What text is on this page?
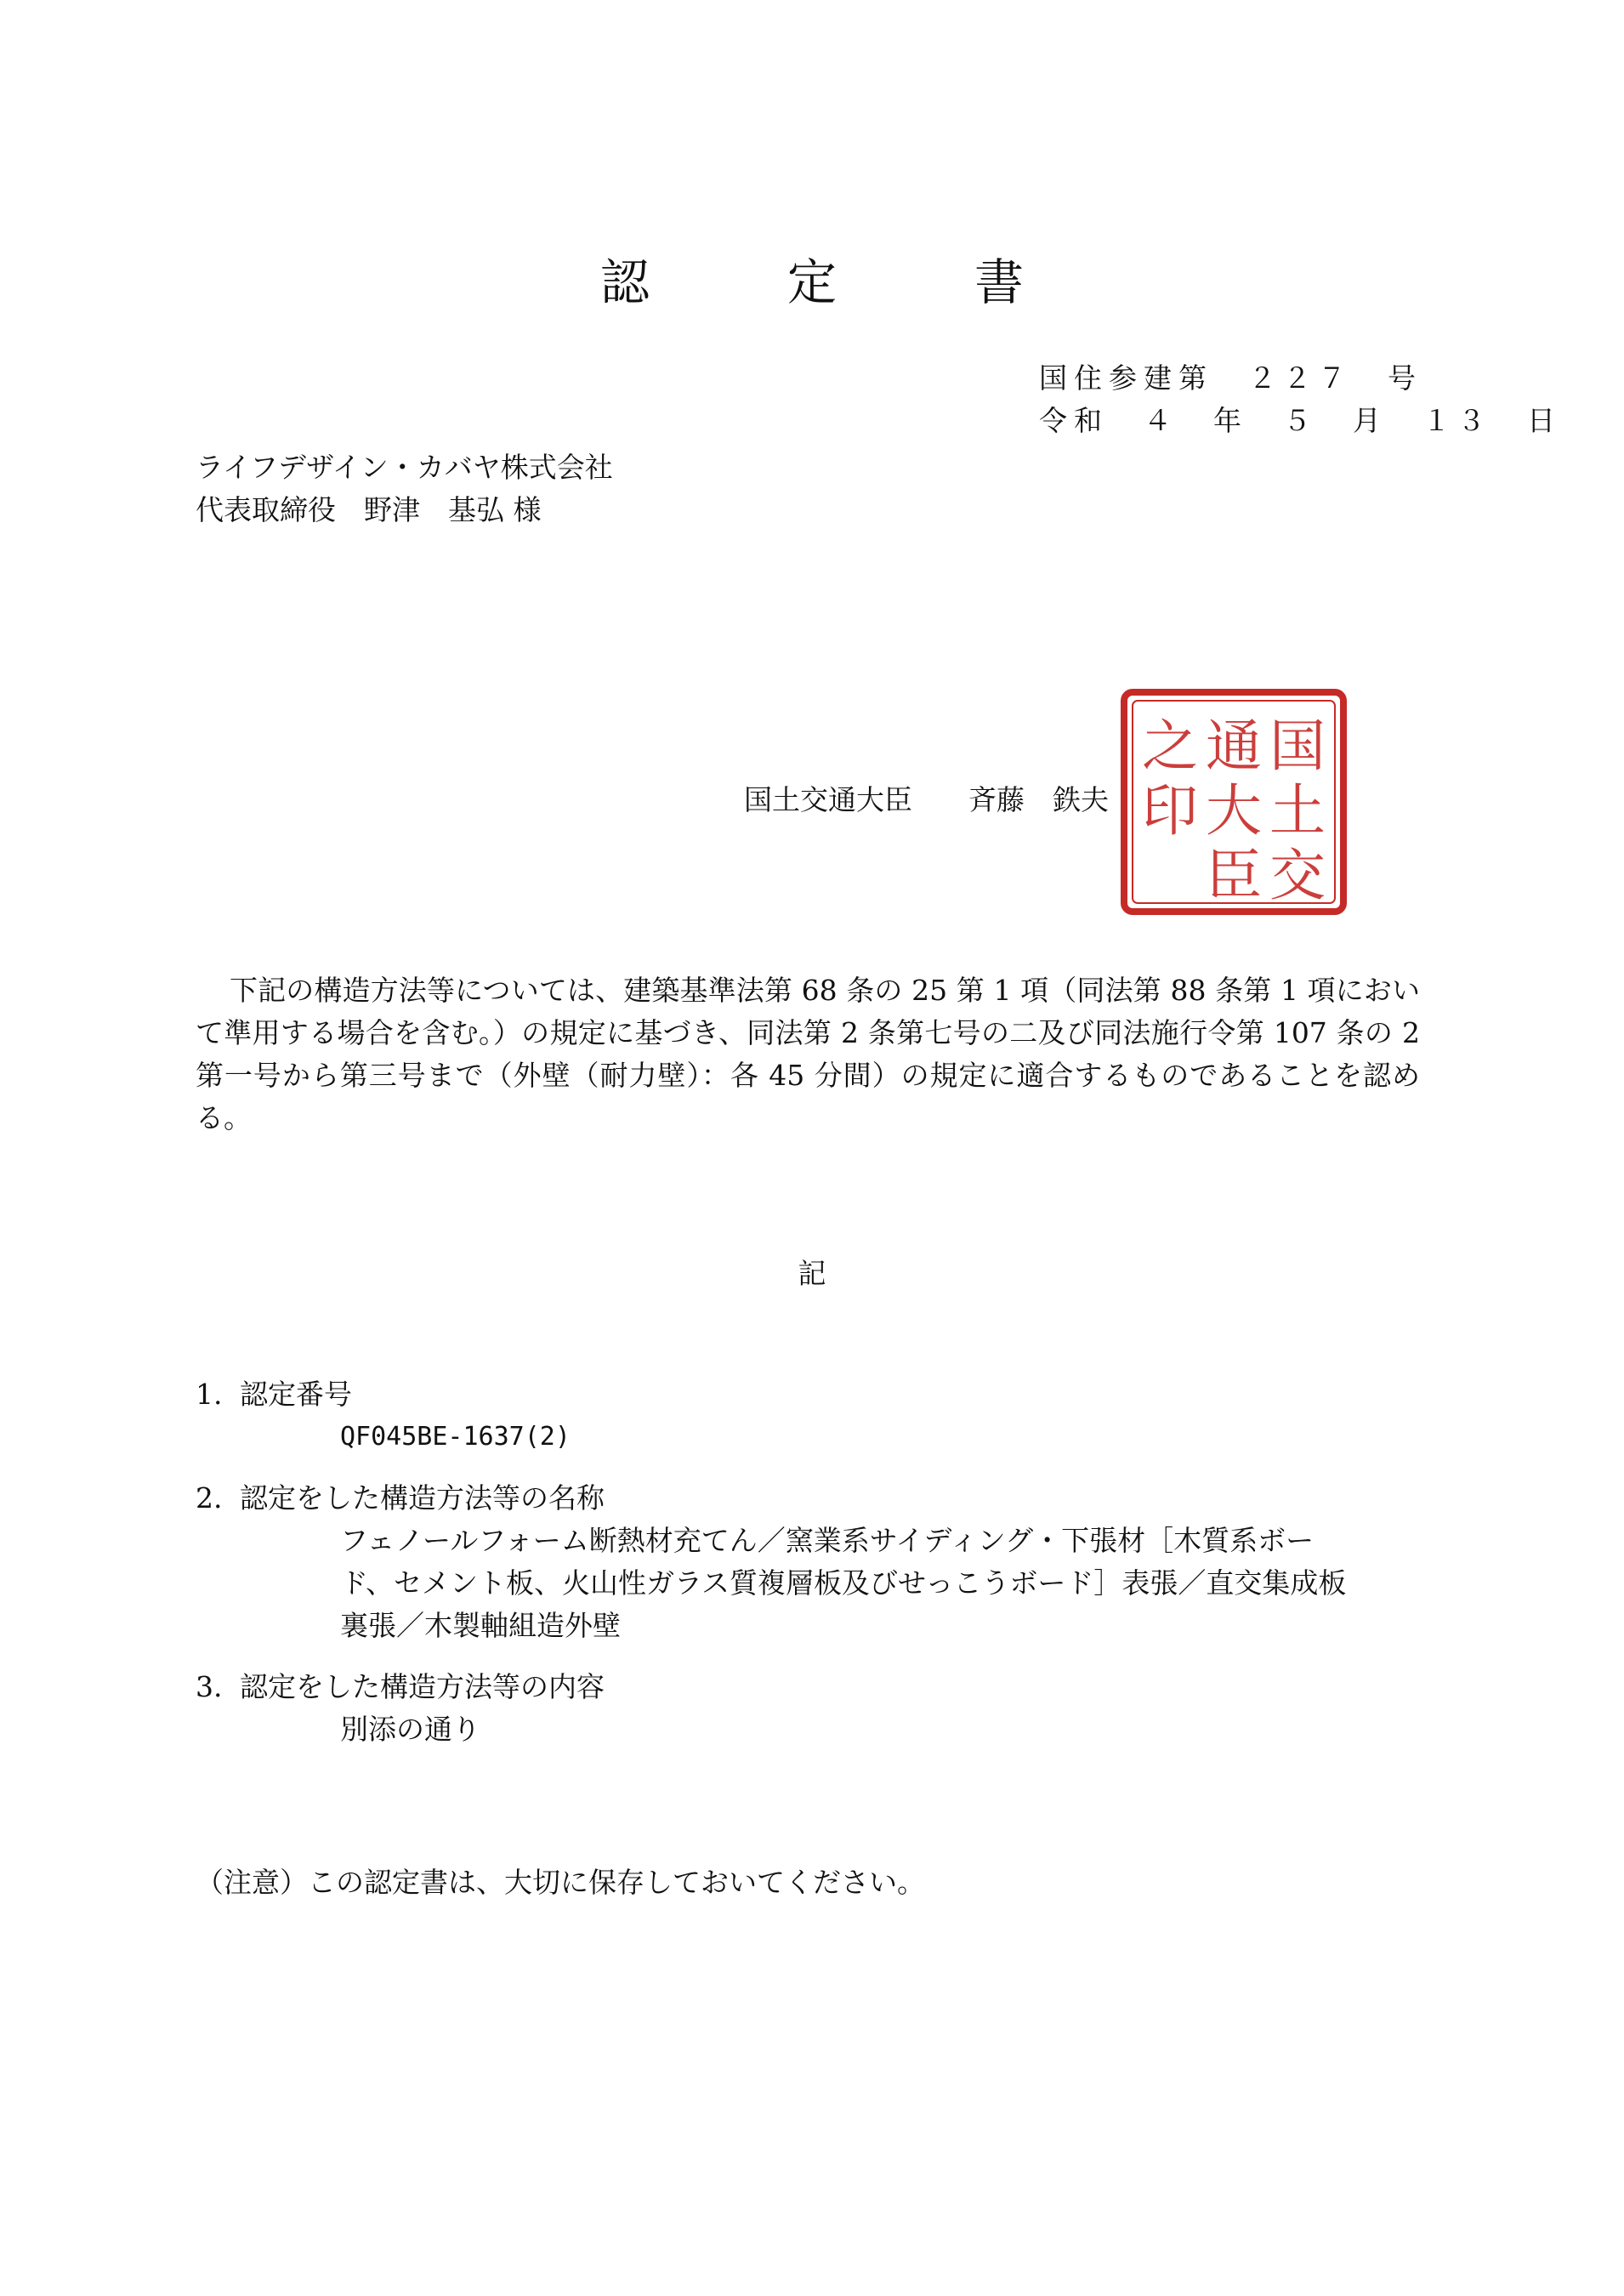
認　定　書
国住参建第　２２７　号
令和　４　年　５　月　１３　日
ライフデザイン・カバヤ株式会社
代表取締役　野津　基弘 様
国土交通大臣　　斉藤　鉄夫
国
土
交
通
大
臣
之
印
下記の構造方法等については、建築基準法第 68 条の 25 第 1 項（同法第 88 条第 1 項において準用する場合を含む。）の規定に基づき、同法第 2 条第七号の二及び同法施行令第 107 条の 2 第一号から第三号まで（外壁（耐力壁）：各 45 分間）の規定に適合するものであることを認める。
記
1. 認定番号
QF045BE-1637(2)
2. 認定をした構造方法等の名称
フェノールフォーム断熱材充てん／窯業系サイディング・下張材［木質系ボード、セメント板、火山性ガラス質複層板及びせっこうボード］表張／直交集成板裏張／木製軸組造外壁
3. 認定をした構造方法等の内容
別添の通り
（注意）この認定書は、大切に保存しておいてください。
